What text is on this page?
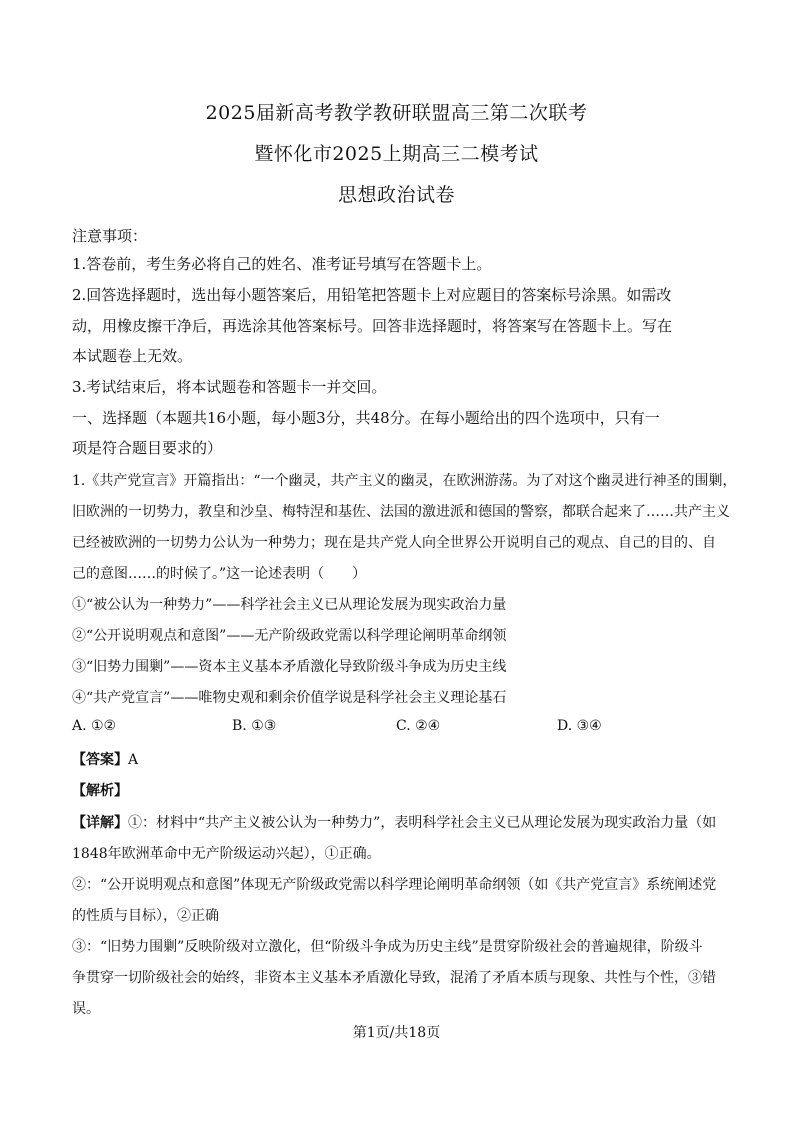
2025届新高考教学教研联盟高三第二次联考
暨怀化市2025上期高三二模考试
思想政治试卷
注意事项：
1.答卷前，考生务必将自己的姓名、准考证号填写在答题卡上。
2.回答选择题时，选出每小题答案后，用铅笔把答题卡上对应题目的答案标号涂黑。如需改
动，用橡皮擦干净后，再选涂其他答案标号。回答非选择题时，将答案写在答题卡上。写在
本试题卷上无效。
3.考试结束后，将本试题卷和答题卡一并交回。
一、选择题（本题共16小题，每小题3分，共48分。在每小题给出的四个选项中，只有一
项是符合题目要求的）
1.《共产党宣言》开篇指出：“一个幽灵，共产主义的幽灵，在欧洲游荡。为了对这个幽灵进行神圣的围剿，
旧欧洲的一切势力，教皇和沙皇、梅特涅和基佐、法国的激进派和德国的警察，都联合起来了……共产主义
已经被欧洲的一切势力公认为一种势力；现在是共产党人向全世界公开说明自己的观点、自己的目的、自
己的意图……的时候了。”这一论述表明（　　）
①“被公认为一种势力”——科学社会主义已从理论发展为现实政治力量
②“公开说明观点和意图”——无产阶级政党需以科学理论阐明革命纲领
③“旧势力围剿”——资本主义基本矛盾激化导致阶级斗争成为历史主线
④“共产党宣言”——唯物史观和剩余价值学说是科学社会主义理论基石
A. ①②	B. ①③	C. ②④	D. ③④
【答案】A
【解析】
【详解】①：材料中“共产主义被公认为一种势力”，表明科学社会主义已从理论发展为现实政治力量（如
1848年欧洲革命中无产阶级运动兴起），①正确。
②：“公开说明观点和意图”体现无产阶级政党需以科学理论阐明革命纲领（如《共产党宣言》系统阐述党
的性质与目标），②正确
③：“旧势力围剿”反映阶级对立激化，但“阶级斗争成为历史主线”是贯穿阶级社会的普遍规律，阶级斗
争贯穿一切阶级社会的始终，非资本主义基本矛盾激化导致，混淆了矛盾本质与现象、共性与个性，③错
误。
第1页/共18页
